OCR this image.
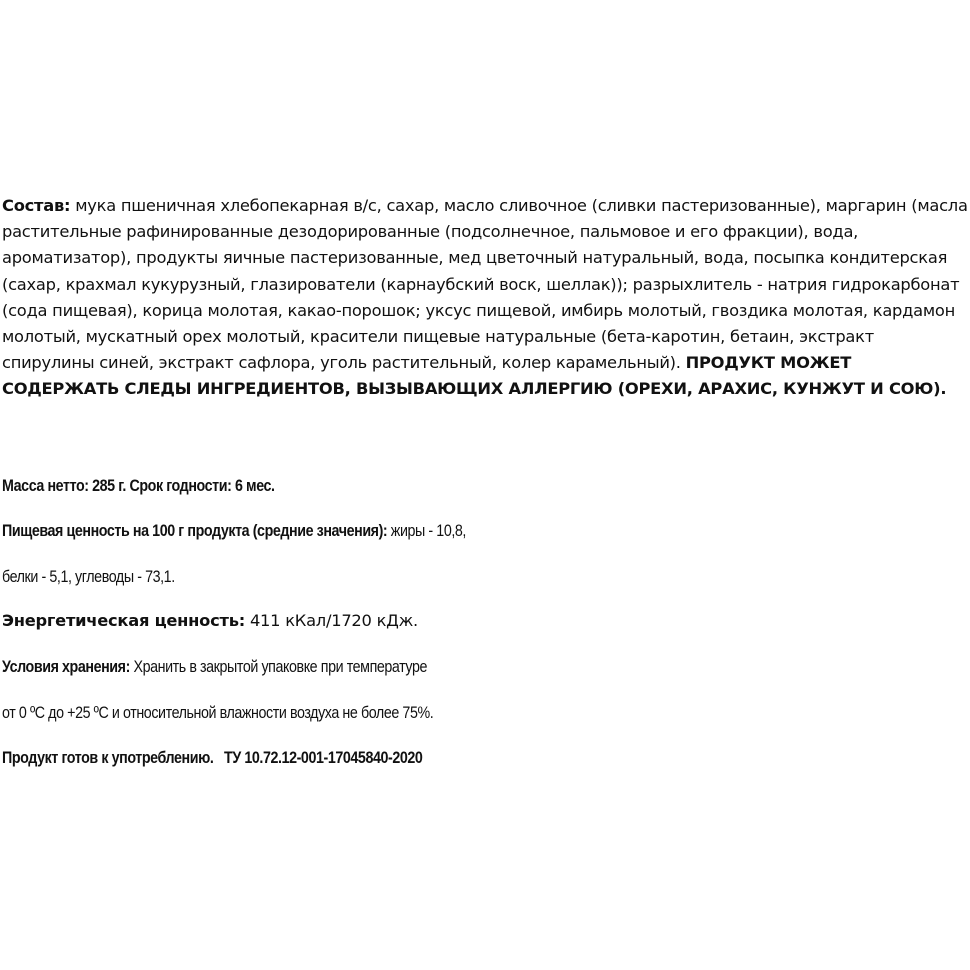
Состав: мука пшеничная хлебопекарная в/с, сахар, масло сливочное (сливки пастеризованные), маргарин (масла растительные рафинированные дезодорированные (подсолнечное, пальмовое и его фракции), вода, ароматизатор), продукты яичные пастеризованные, мед цветочный натуральный, вода, посыпка кондитерская (сахар, крахмал кукурузный, глазирователи (карнаубский воск, шеллак)); разрыхлитель - натрия гидрокарбонат (сода пищевая), корица молотая, какао-порошок; уксус пищевой, имбирь молотый, гвоздика молотая, кардамон молотый, мускатный орех молотый, красители пищевые натуральные (бета-каротин, бетаин, экстракт спирулины синей, экстракт сафлора, уголь растительный, колер карамельный). ПРОДУКТ МОЖЕТ СОДЕРЖАТЬ СЛЕДЫ ИНГРЕДИЕНТОВ, ВЫЗЫВАЮЩИХ АЛЛЕРГИЮ (ОРЕХИ, АРАХИС, КУНЖУТ И СОЮ).
Масса нетто: 285 г. Срок годности: 6 мес.
Пищевая ценность на 100 г продукта (средние значения): жиры - 10,8,
белки - 5,1, углеводы - 73,1.
Энергетическая ценность: 411 кКал/1720 кДж.
Условия хранения: Хранить в закрытой упаковке при температуре
от 0 ºС до +25 ºС и относительной влажности воздуха не более 75%.
Продукт готов к употреблению.   ТУ 10.72.12-001-17045840-2020
